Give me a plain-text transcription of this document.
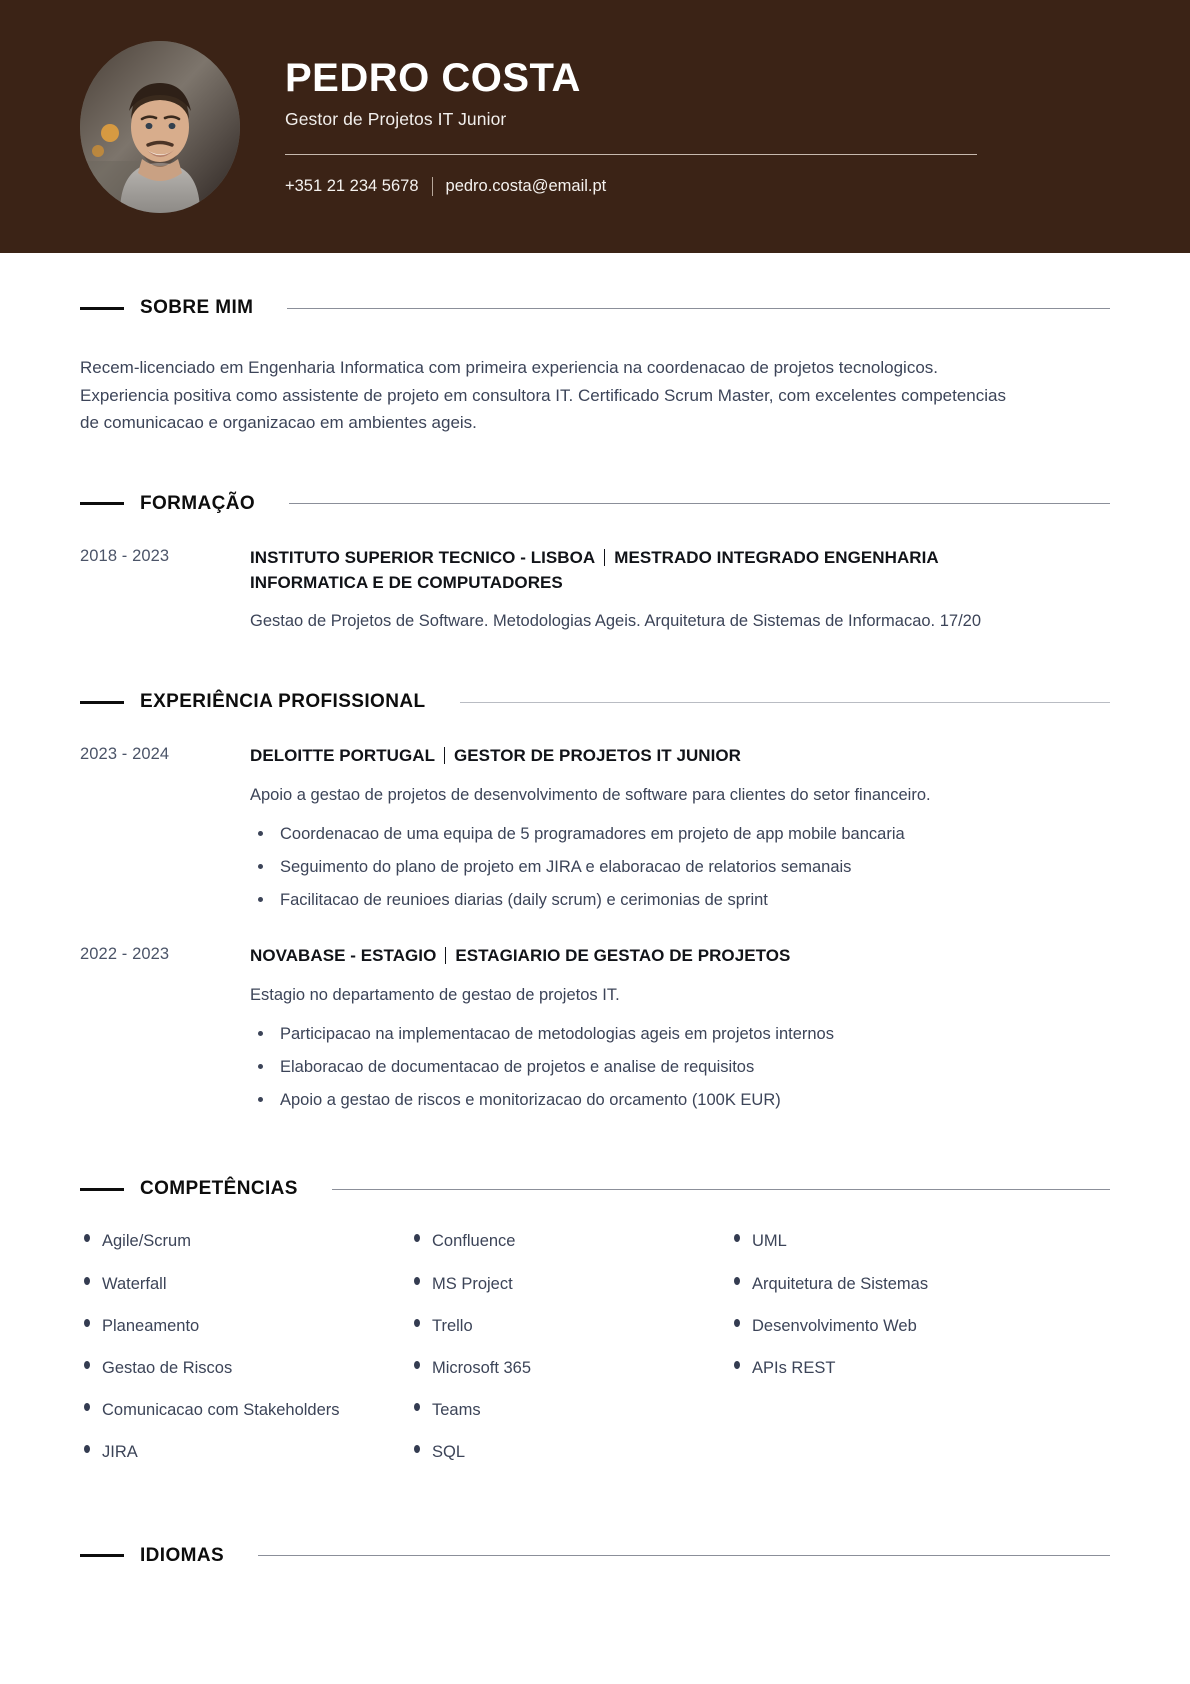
PEDRO COSTA
Gestor de Projetos IT Junior
+351 21 234 5678 pedro.costa@email.pt
SOBRE MIM

Recem-licenciado em Engenharia Informatica com primeira experiencia na coordenacao de projetos tecnologicos. Experiencia positiva como assistente de projeto em consultora IT. Certificado Scrum Master, com excelentes competencias de comunicacao e organizacao em ambientes ageis.

FORMAÇÃO
2018 - 2023	INSTITUTO SUPERIOR TECNICO - LISBOA MESTRADO INTEGRADO ENGENHARIA INFORMATICA E DE COMPUTADORES
Gestao de Projetos de Software. Metodologias Ageis. Arquitetura de Sistemas de Informacao. 17/20
EXPERIÊNCIA PROFISSIONAL
2023 - 2024	DELOITTE PORTUGAL GESTOR DE PROJETOS IT JUNIOR
Apoio a gestao de projetos de desenvolvimento de software para clientes do setor financeiro.
Coordenacao de uma equipa de 5 programadores em projeto de app mobile bancaria
Seguimento do plano de projeto em JIRA e elaboracao de relatorios semanais
Facilitacao de reunioes diarias (daily scrum) e cerimonias de sprint
2022 - 2023	NOVABASE - ESTAGIO ESTAGIARIO DE GESTAO DE PROJETOS
Estagio no departamento de gestao de projetos IT.
Participacao na implementacao de metodologias ageis em projetos internos
Elaboracao de documentacao de projetos e analise de requisitos
Apoio a gestao de riscos e monitorizacao do orcamento (100K EUR)
COMPETÊNCIAS
Agile/Scrum
Waterfall
Planeamento
Gestao de Riscos
Comunicacao com Stakeholders
JIRA
Confluence
MS Project
Trello
Microsoft 365
Teams
SQL
UML
Arquitetura de Sistemas
Desenvolvimento Web
APIs REST
IDIOMAS
